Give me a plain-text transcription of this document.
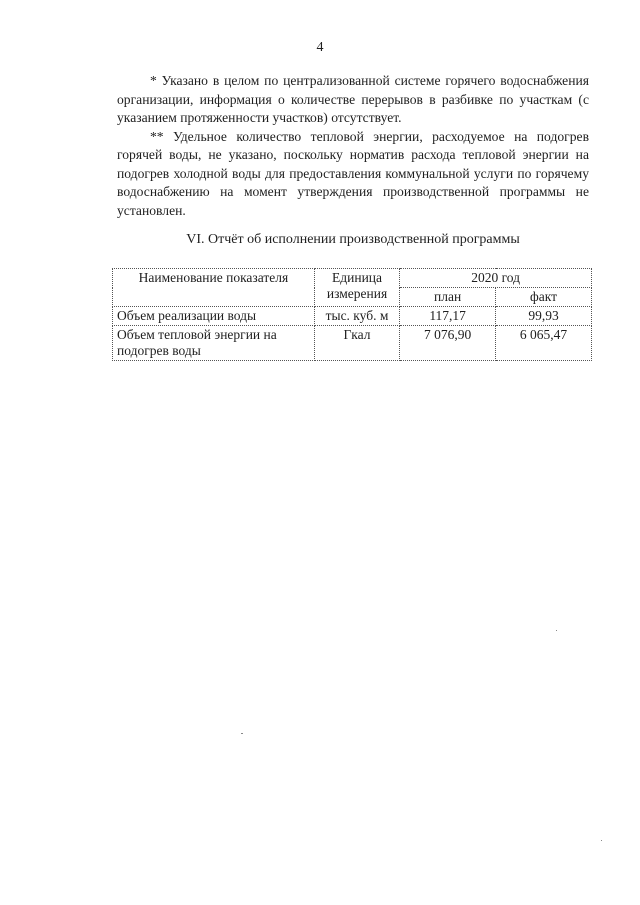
4

* Указано в целом по централизованной системе горячего водоснабжения организации, информация о количестве перерывов в разбивке по участкам (с указанием протяженности участков) отсутствует.

** Удельное количество тепловой энергии, расходуемое на подогрев горячей воды, не указано, поскольку норматив расхода тепловой энергии на подогрев холодной воды для предоставления коммунальной услуги по горячему водоснабжению на момент утверждения производственной программы не установлен.

VI. Отчёт об исполнении производственной программы
Наименование показателя	Единица измерения	2020 год	
		план	факт
Объем реализации воды	тыс. куб. м	117,17	99,93
Объем тепловой энергии на подогрев воды	Гкал	7 076,90	6 065,47
